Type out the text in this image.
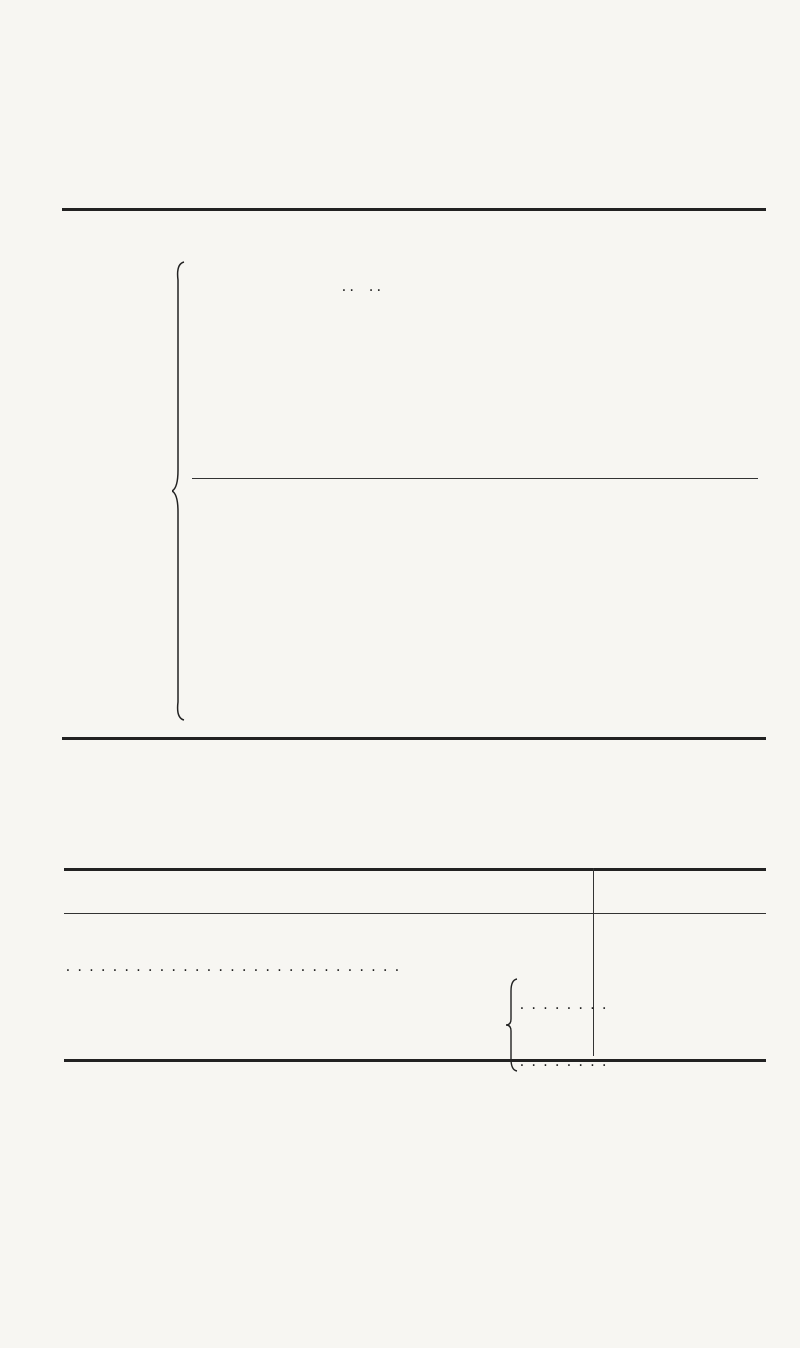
. .    . .
. . . . . . . . . . . . . . . . . . . . . . . . . . . . .
. . . . . . . .
. . . . . . . .
